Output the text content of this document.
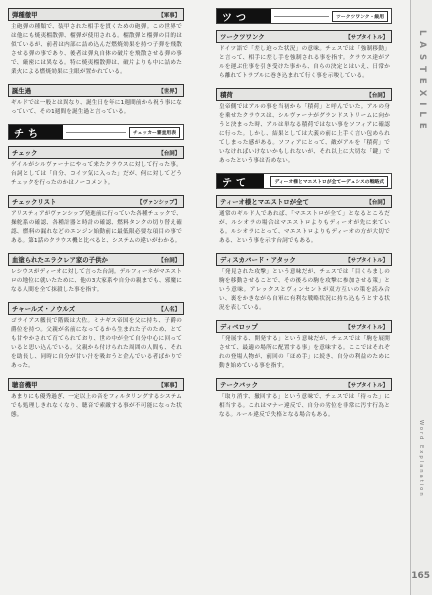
弾種徹甲	【軍事】

主砲弾の種類で、装甲された相手を貫くための砲弾。この世界では他にも焼夷榴散弾、榴弾が使用される。榴散弾と榴弾の目的は似ているが、前者は内部に詰め込んだ燃焼効果を持つ子弾を飛散させる弾の事であり、後者は弾丸自体の破片を飛散させる弾の事で、厳密には異なる。特に焼夷榴散弾は、破片よりも中に詰めた業火による燃焼効果に主眼が置かれている。

誕生過	【世界】

ギルドでは一般とは異なり、誕生日を年に1週間前から祝う事になっていて、その1週間を誕生過と言っている。

チち	チェッカー審査用表
チェック	【台詞】

ゲイルがシルヴァーナにやって来たクラウスに対して行った事。台詞としては「自分、コイツ気に入った」だが、何に対してどうチェックを行ったのかはノーコメント。

チェックリスト	【ヴァンシップ】

アリスティアがヴァンシップ発進前に行っていた各種チェックで、操舵系の確認、各種計器と時計の確認、燃料タンクの切り替え確認、燃料の漏れなどのエンジン始動前に最低限必要な項目の事である。第1話のクラウス機と比べると、システムの違いがわかる。

血塗られたエラクレア家の子供か	【台詞】

レシウスがディーオに対して言った台詞。デルフィーネがマエストロの地位に就いたために、他の3大家系や自分の親までも、邪魔になる人間を全て抹殺した事を指す。

チャールズ・ノウルズ	【人名】

ゴライアス艦長で階級は大佐。ミナギス帝国を父に持ち、子爵の爵位を持つ。父親が名前になってるから生まれた子のため、とても甘やかされて育てられており、世の中が全て自分中心に回っていると思い込んでいる。父親から付けられた周囲の人間も、それを助長し、同時に自分が甘い汁を吸おうと企んでいる者ばかりであった。

聴音機甲	【軍事】

あまりにも優秀過ぎ、一定以上の音をフィルタリングするシステムでも処理しきれなくなり、聴音で索敵する事が不可能になった状態。

ツつ	ツークツワンク・級用
ツークツワンク	【サブタイトル】

ドイツ語で「差し迫った状況」の意味。チェスでは「強制移動」と言って、相手に差し手を強制される事を指す。クラウス達がアルを運ぶ仕事を引き受けた事から、自らの決定とはいえ、日常から離れてトラブルに巻き込まれて行く事を示唆している。

積荷	【台詞】

皇帝側ではアルの事を当初から「積荷」と呼んでいた。アルの身を乗せたクラウスは、シルヴァーナがグランドストリームに向かうと決まった時、アルは単なる積荷ではない事をソフィアに確認に行った。しかし、結果としては大義の前に上手く言い包められてしまった感がある。ソフィアにとって、敵がアルを「積荷」でいなければいけないかもしれないが、それ以上に大切な「鍵」であったという事は否めない。

テて	ディーオ様とマエストロが全て—デュシスの戦略式
ティーオ様とマエストロが全て	【台詞】

通常のギルド人であれば、「マエストロが全て」となるところだが、ルシオラの場合はマエストロよりもディーオが先に来ている。ルシオラにとって、マエストロよりもディーオの方が大切である、という事を示す台詞でもある。

ディスカバード・アタック	【サブタイトル】

「発見された攻撃」という意味だが、チェスでは「目くらましの駒を移動させることで、その後ろの駒を攻撃に参加させる策」という意味。アレックスとヴィンセントが双方互いの策を読み合い、裏をかきながら自軍に有利な戦略状況に持ち込もうとする状況を表している。

ディベロップ	【サブタイトル】

「発展する、開発する」という意味だが、チェスでは「駒を展開させて、最適の場所に配置する事」を意味する。ここではそれぞれの登場人物が、前回の「ほめ手」に続き、自分の利益のために動き始めている事を指す。

テークバック	【サブタイトル】

「取り消す、撤回する」という意味で、チェスでは「待った」に相当する。これはマナー違反で、自分の劣位を非常に汚す行為となる。ルール違反で失格となる場合もある。

LASTEXILE
Word Explanation
165
